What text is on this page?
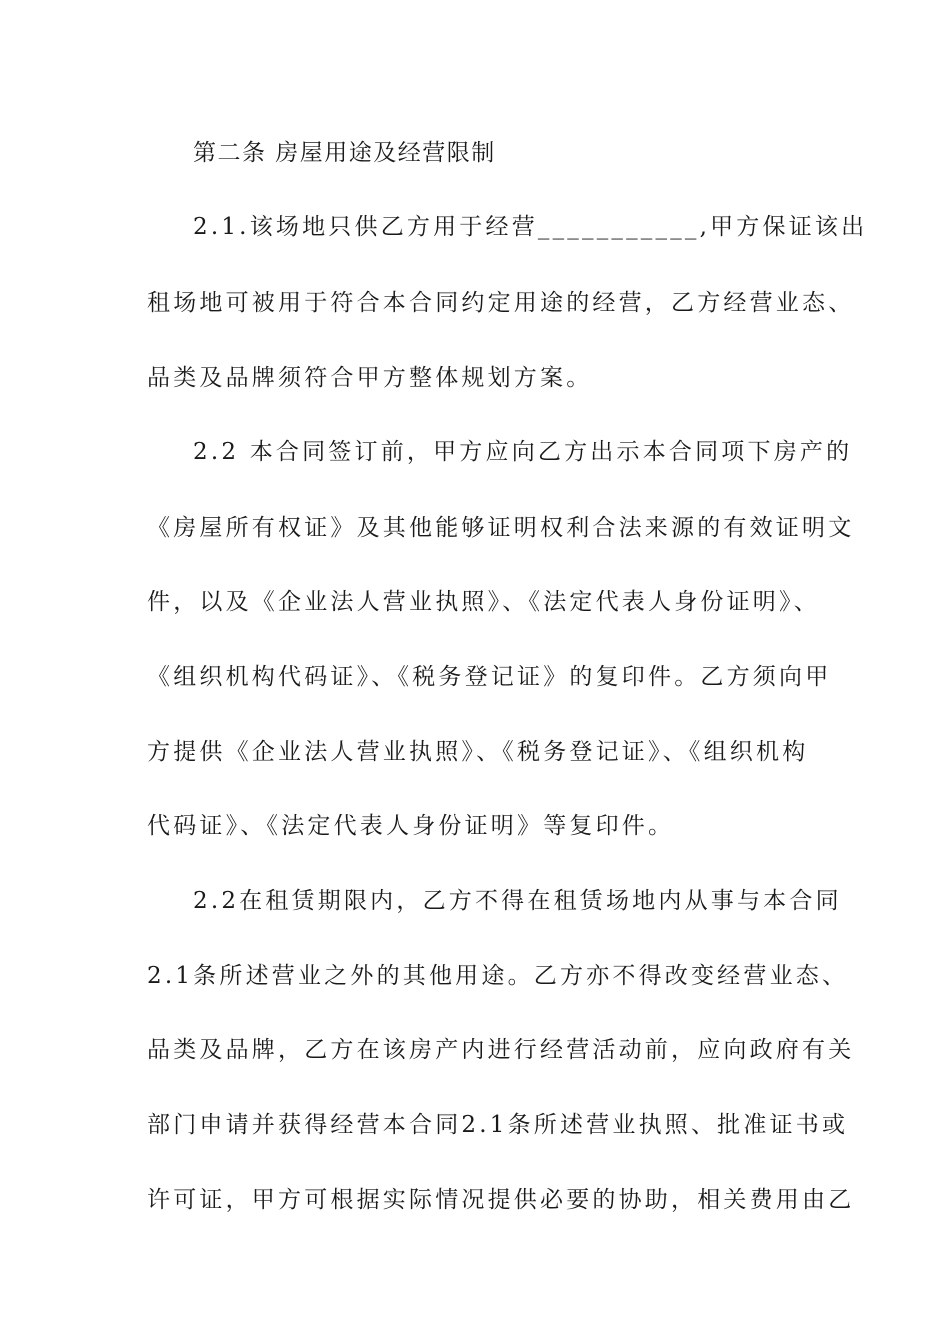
第二条 房屋用途及经营限制
2.1.该场地只供乙方用于经营___________,甲方保证该出
租场地可被用于符合本合同约定用途的经营，乙方经营业态、
品类及品牌须符合甲方整体规划方案。
2.2 本合同签订前，甲方应向乙方出示本合同项下房产的
《房屋所有权证》及其他能够证明权利合法来源的有效证明文
件，以及《企业法人营业执照》、《法定代表人身份证明》、
《组织机构代码证》、《税务登记证》的复印件。乙方须向甲
方提供《企业法人营业执照》、《税务登记证》、《组织机构
代码证》、《法定代表人身份证明》等复印件。
2.2在租赁期限内，乙方不得在租赁场地内从事与本合同
2.1条所述营业之外的其他用途。乙方亦不得改变经营业态、
品类及品牌，乙方在该房产内进行经营活动前，应向政府有关
部门申请并获得经营本合同2.1条所述营业执照、批准证书或
许可证，甲方可根据实际情况提供必要的协助，相关费用由乙
